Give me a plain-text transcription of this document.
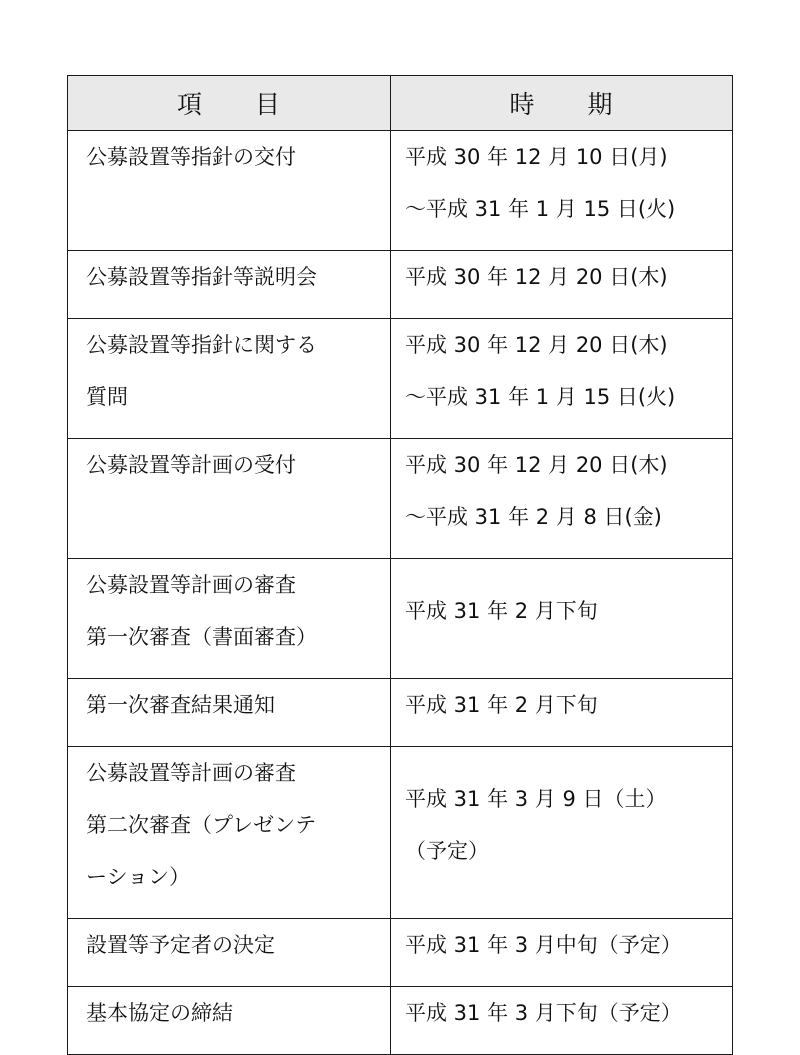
項　　目	時　　期

公募設置等指針の交付	平成 30 年 12 月 10 日(月)
～平成 31 年 1 月 15 日(火)

公募設置等指針等説明会	平成 30 年 12 月 20 日(木)

公募設置等指針に関する
質問	平成 30 年 12 月 20 日(木)
～平成 31 年 1 月 15 日(火)

公募設置等計画の受付	平成 30 年 12 月 20 日(木)
～平成 31 年 2 月 8 日(金)

公募設置等計画の審査
第一次審査（書面審査）	平成 31 年 2 月下旬

第一次審査結果通知	平成 31 年 2 月下旬

公募設置等計画の審査
第二次審査（プレゼンテ
ーション）	平成 31 年 3 月 9 日（土）
（予定）

設置等予定者の決定	平成 31 年 3 月中旬（予定）

基本協定の締結	平成 31 年 3 月下旬（予定）
